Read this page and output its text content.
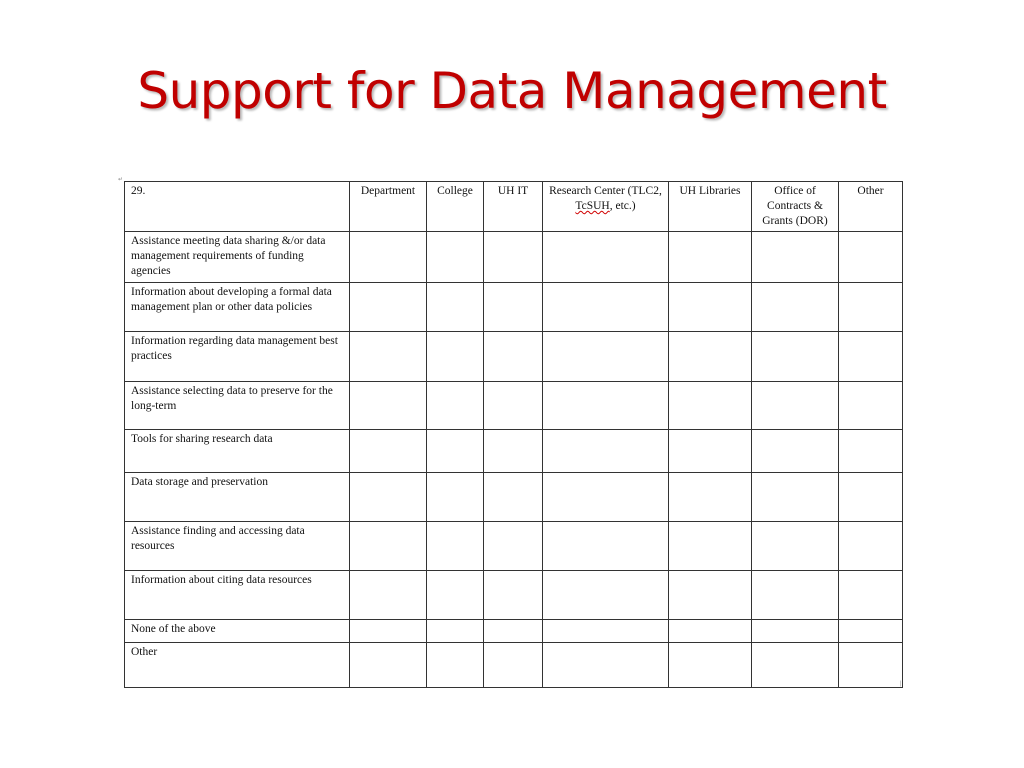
Support for Data Management
↵
|
29.	Department	College	UH IT	Research Center (TLC2, TcSUH, etc.)	UH Libraries	Office of Contracts & Grants (DOR)	Other
Assistance meeting data sharing &/or data management requirements of funding agencies							
Information about developing a formal data management plan or other data policies							
Information regarding data management best practices							
Assistance selecting data to preserve for the long-term							
Tools for sharing research data							
Data storage and preservation							
Assistance finding and accessing data resources							
Information about citing data resources							
None of the above							
Other							
